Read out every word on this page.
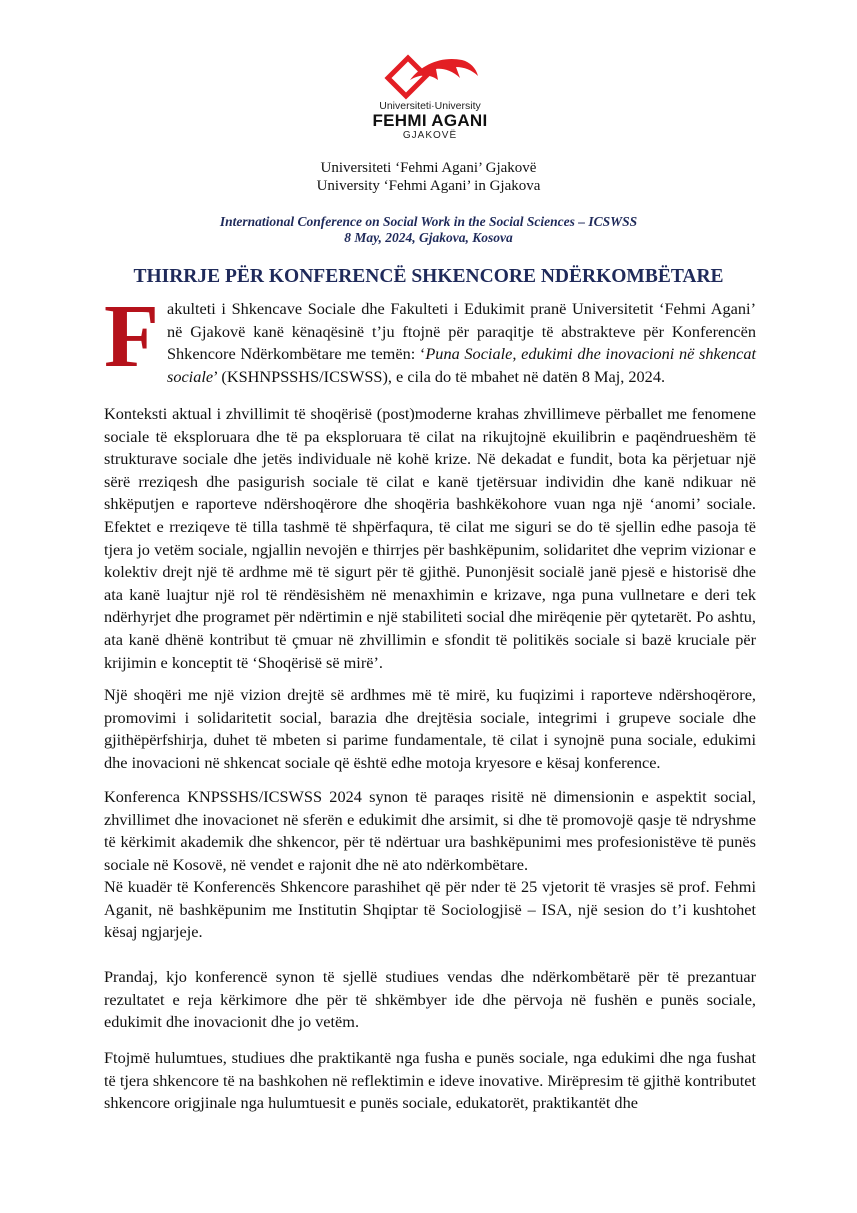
Universiteti·University
FEHMI AGANI
GJAKOVË
Universiteti ‘Fehmi Agani’ Gjakovë
University ‘Fehmi Agani’ in Gjakova
International Conference on Social Work in the Social Sciences – ICSWSS
8 May, 2024, Gjakova, Kosova
THIRRJE PËR KONFERENCË SHKENCORE NDËRKOMBËTARE

Fakulteti i Shkencave Sociale dhe Fakulteti i Edukimit pranë Universitetit ‘Fehmi Agani’ në Gjakovë kanë kënaqësinë t’ju ftojnë për paraqitje të abstrakteve për Konferencën Shkencore Ndërkombëtare me temën: ‘Puna Sociale, edukimi dhe inovacioni në shkencat sociale’ (KSHNPSSHS/ICSWSS), e cila do të mbahet në datën 8 Maj, 2024.

Konteksti aktual i zhvillimit të shoqërisë (post)moderne krahas zhvillimeve përballet me fenomene sociale të eksploruara dhe të pa eksploruara të cilat na rikujtojnë ekuilibrin e paqëndrueshëm të strukturave sociale dhe jetës individuale në kohë krize. Në dekadat e fundit, bota ka përjetuar një sërë rreziqesh dhe pasigurish sociale të cilat e kanë tjetërsuar individin dhe kanë ndikuar në shkëputjen e raporteve ndërshoqërore dhe shoqëria bashkëkohore vuan nga një ‘anomi’ sociale. Efektet e rreziqeve të tilla tashmë të shpërfaqura, të cilat me siguri se do të sjellin edhe pasoja të tjera jo vetëm sociale, ngjallin nevojën e thirrjes për bashkëpunim, solidaritet dhe veprim vizionar e kolektiv drejt një të ardhme më të sigurt për të gjithë. Punonjësit socialë janë pjesë e historisë dhe ata kanë luajtur një rol të rëndësishëm në menaxhimin e krizave, nga puna vullnetare e deri tek ndërhyrjet dhe programet për ndërtimin e një stabiliteti social dhe mirëqenie për qytetarët. Po ashtu, ata kanë dhënë kontribut të çmuar në zhvillimin e sfondit të politikës sociale si bazë kruciale për krijimin e konceptit të ‘Shoqërisë së mirë’.

Një shoqëri me një vizion drejtë së ardhmes më të mirë, ku fuqizimi i raporteve ndërshoqërore, promovimi i solidaritetit social, barazia dhe drejtësia sociale, integrimi i grupeve sociale dhe gjithëpërfshirja, duhet të mbeten si parime fundamentale, të cilat i synojnë puna sociale, edukimi dhe inovacioni në shkencat sociale që është edhe motoja kryesore e kësaj konference.

Konferenca KNPSSHS/ICSWSS 2024 synon të paraqes risitë në dimensionin e aspektit social, zhvillimet dhe inovacionet në sferën e edukimit dhe arsimit, si dhe të promovojë qasje të ndryshme të kërkimit akademik dhe shkencor, për të ndërtuar ura bashkëpunimi mes profesionistëve të punës sociale në Kosovë, në vendet e rajonit dhe në ato ndërkombëtare.

Në kuadër të Konferencës Shkencore parashihet që për nder të 25 vjetorit të vrasjes së prof. Fehmi Aganit, në bashkëpunim me Institutin Shqiptar të Sociologjisë – ISA, një sesion do t’i kushtohet kësaj ngjarjeje.

Prandaj, kjo konferencë synon të sjellë studiues vendas dhe ndërkombëtarë për të prezantuar rezultatet e reja kërkimore dhe për të shkëmbyer ide dhe përvoja në fushën e punës sociale, edukimit dhe inovacionit dhe jo vetëm.

Ftojmë hulumtues, studiues dhe praktikantë nga fusha e punës sociale, nga edukimi dhe nga fushat të tjera shkencore të na bashkohen në reflektimin e ideve inovative. Mirëpresim të gjithë kontributet shkencore origjinale nga hulumtuesit e punës sociale, edukatorët, praktikantët dhe
